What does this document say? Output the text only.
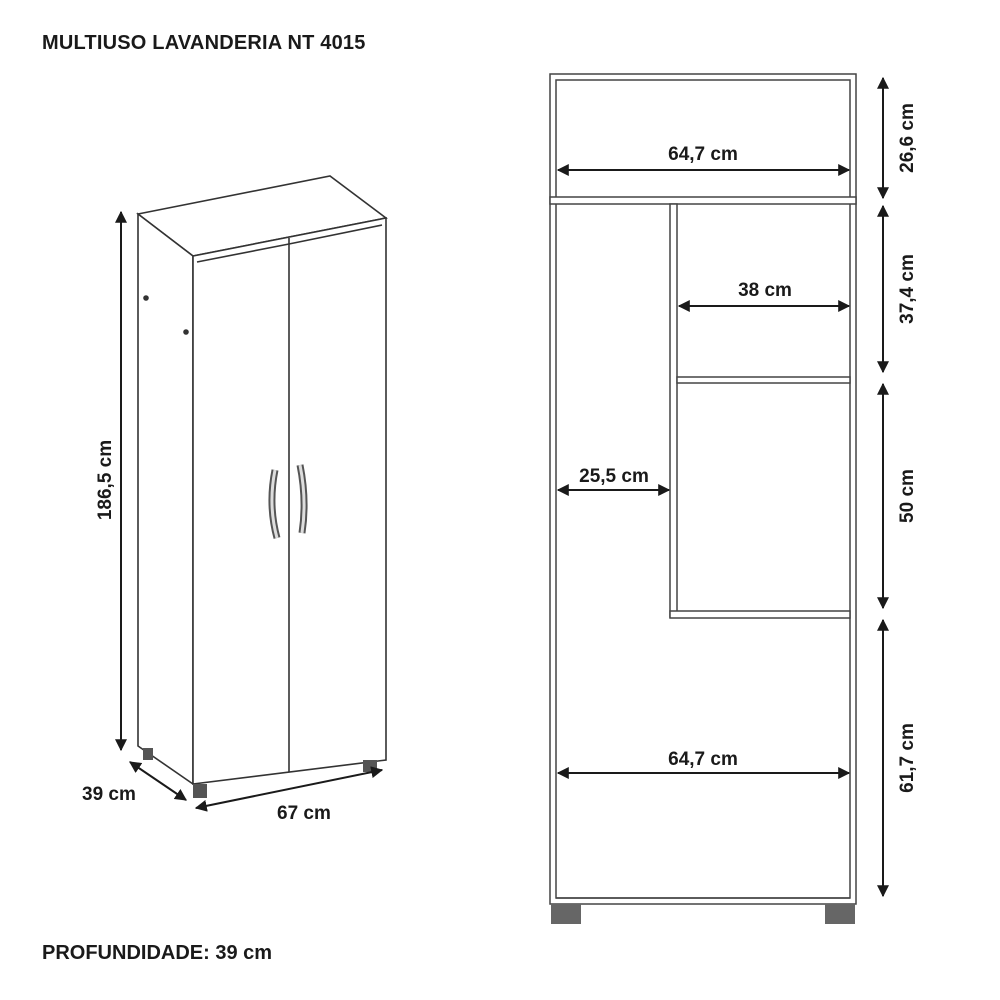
MULTIUSO LAVANDERIA NT 4015
PROFUNDIDADE: 39 cm
186,5 cm
39 cm
67 cm
64,7 cm
38 cm
25,5 cm
64,7 cm
26,6 cm
37,4 cm
50 cm
61,7 cm
